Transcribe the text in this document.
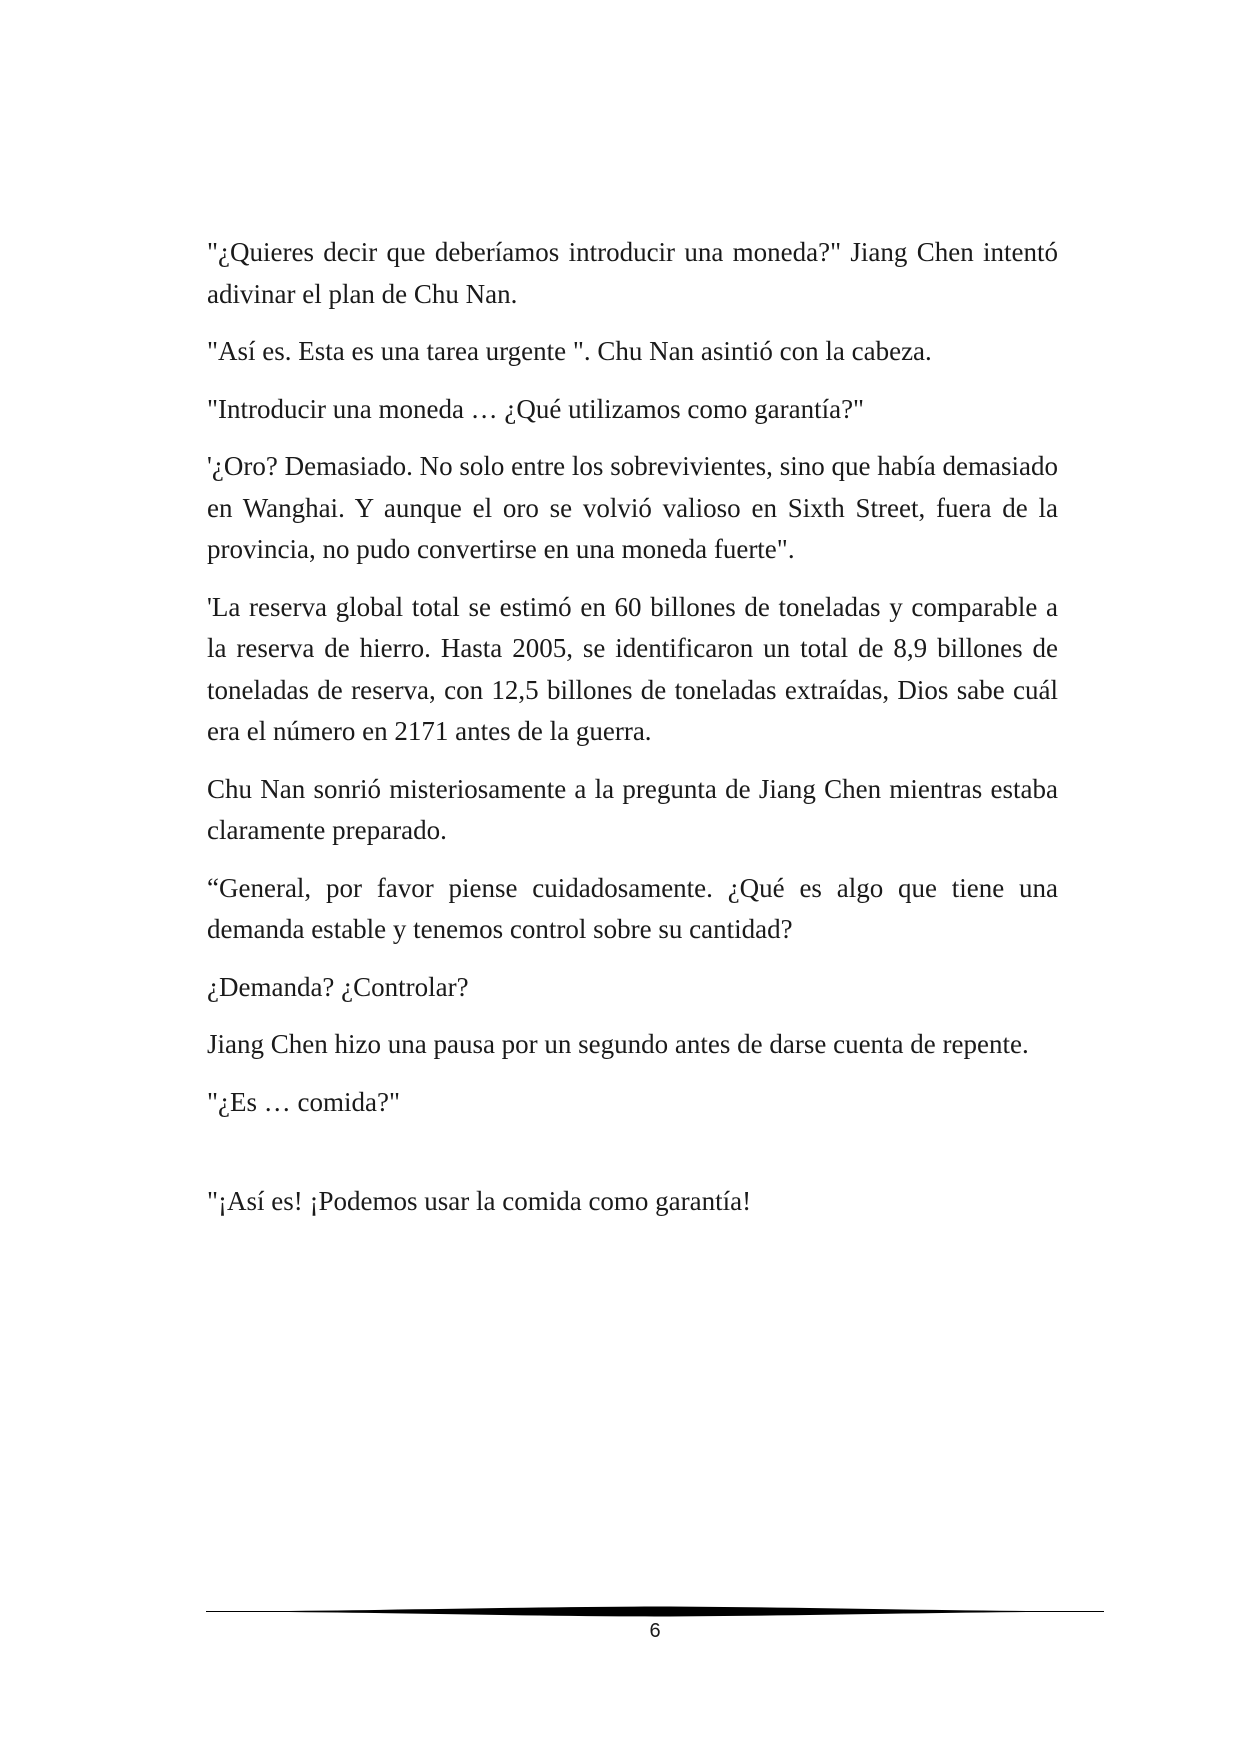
"¿Quieres decir que deberíamos introducir una moneda?" Jiang Chen intentó adivinar el plan de Chu Nan.

"Así es. Esta es una tarea urgente ". Chu Nan asintió con la cabeza.

"Introducir una moneda … ¿Qué utilizamos como garantía?"

'¿Oro? Demasiado. No solo entre los sobrevivientes, sino que había demasiado en Wanghai. Y aunque el oro se volvió valioso en Sixth Street, fuera de la provincia, no pudo convertirse en una moneda fuerte".

'La reserva global total se estimó en 60 billones de toneladas y comparable a la reserva de hierro. Hasta 2005, se identificaron un total de 8,9 billones de toneladas de reserva, con 12,5 billones de toneladas extraídas, Dios sabe cuál era el número en 2171 antes de la guerra.

Chu Nan sonrió misteriosamente a la pregunta de Jiang Chen mientras estaba claramente preparado.

“General, por favor piense cuidadosamente. ¿Qué es algo que tiene una demanda estable y tenemos control sobre su cantidad?

¿Demanda? ¿Controlar?

Jiang Chen hizo una pausa por un segundo antes de darse cuenta de repente.

"¿Es … comida?"

"¡Así es! ¡Podemos usar la comida como garantía!

6
